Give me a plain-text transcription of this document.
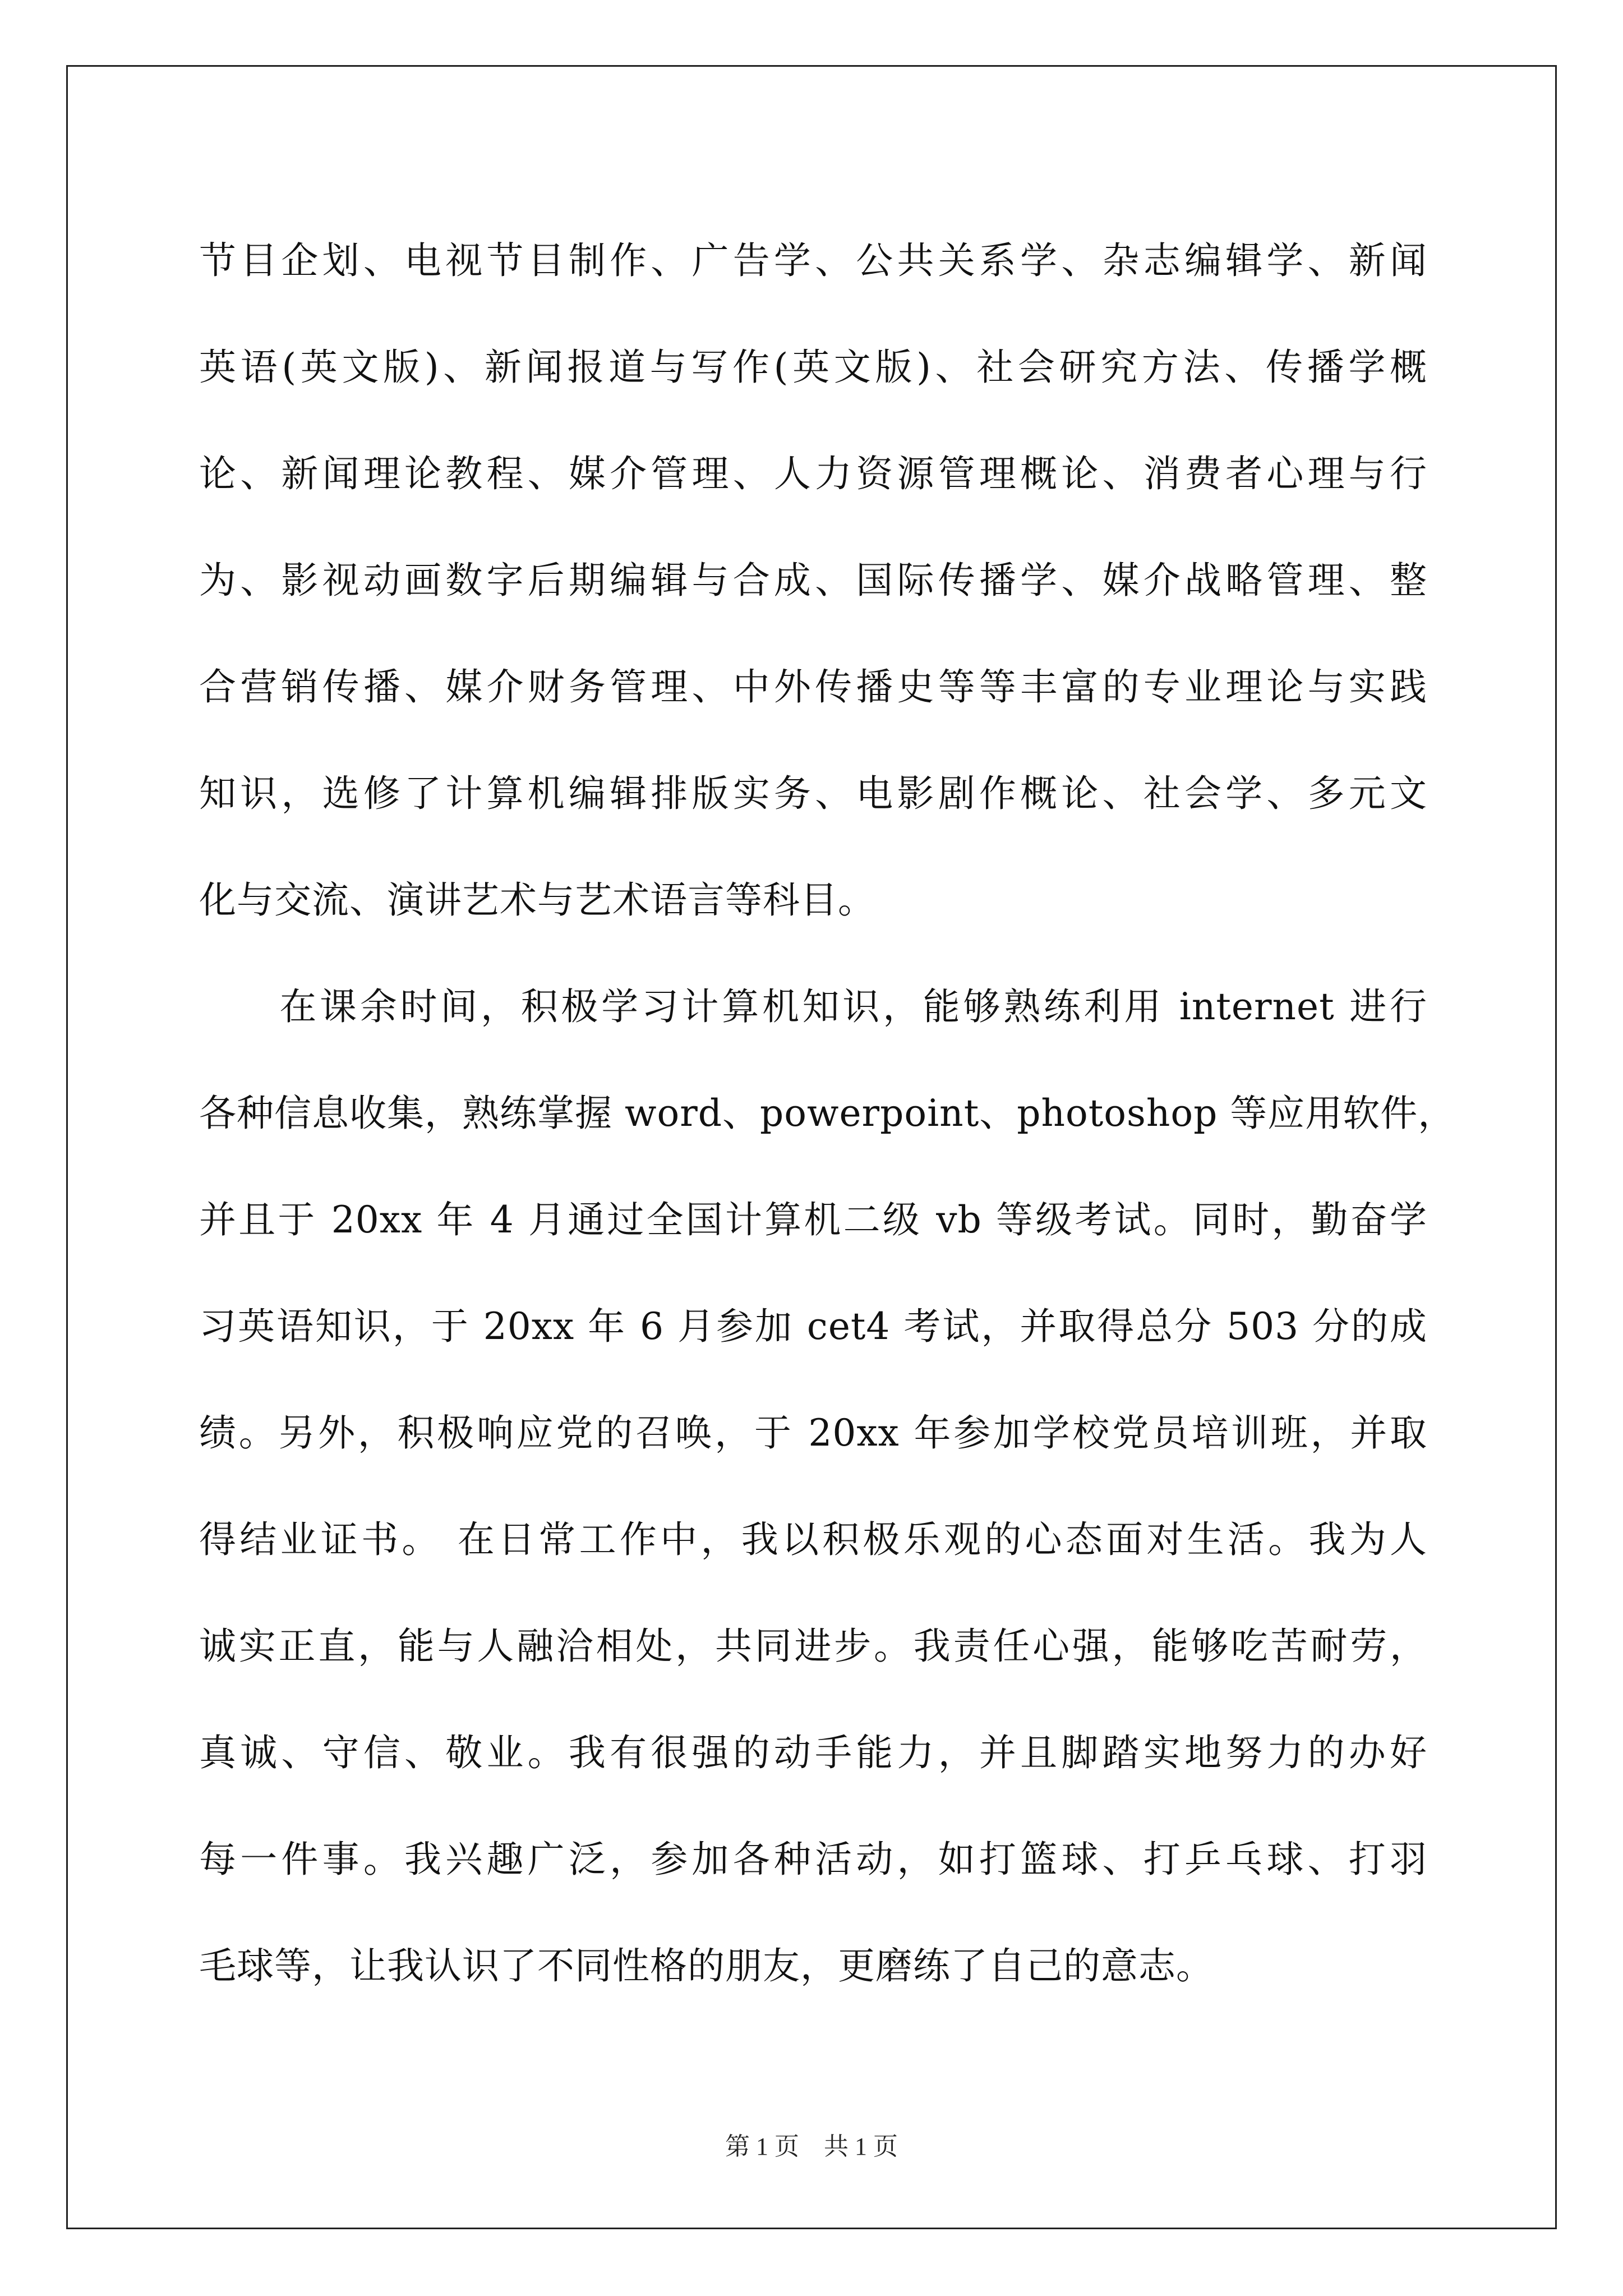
节目企划、电视节目制作、广告学、公共关系学、杂志编辑学、新闻
英语(英文版)、新闻报道与写作(英文版)、社会研究方法、传播学概
论、新闻理论教程、媒介管理、人力资源管理概论、消费者心理与行
为、影视动画数字后期编辑与合成、国际传播学、媒介战略管理、整
合营销传播、媒介财务管理、中外传播史等等丰富的专业理论与实践
知识，选修了计算机编辑排版实务、电影剧作概论、社会学、多元文
化与交流、演讲艺术与艺术语言等科目。
　　在课余时间，积极学习计算机知识，能够熟练利用 internet 进行
各种信息收集，熟练掌握 word、powerpoint、photoshop 等应用软件，
并且于 20xx 年 4 月通过全国计算机二级 vb 等级考试。同时，勤奋学
习英语知识，于 20xx 年 6 月参加 cet4 考试，并取得总分 503 分的成
绩。另外，积极响应党的召唤，于 20xx 年参加学校党员培训班，并取
得结业证书。 在日常工作中，我以积极乐观的心态面对生活。我为人
诚实正直，能与人融洽相处，共同进步。我责任心强，能够吃苦耐劳，
真诚、守信、敬业。我有很强的动手能力，并且脚踏实地努力的办好
每一件事。我兴趣广泛，参加各种活动，如打篮球、打乒乓球、打羽
毛球等，让我认识了不同性格的朋友，更磨练了自己的意志。
第 1 页　共 1 页
